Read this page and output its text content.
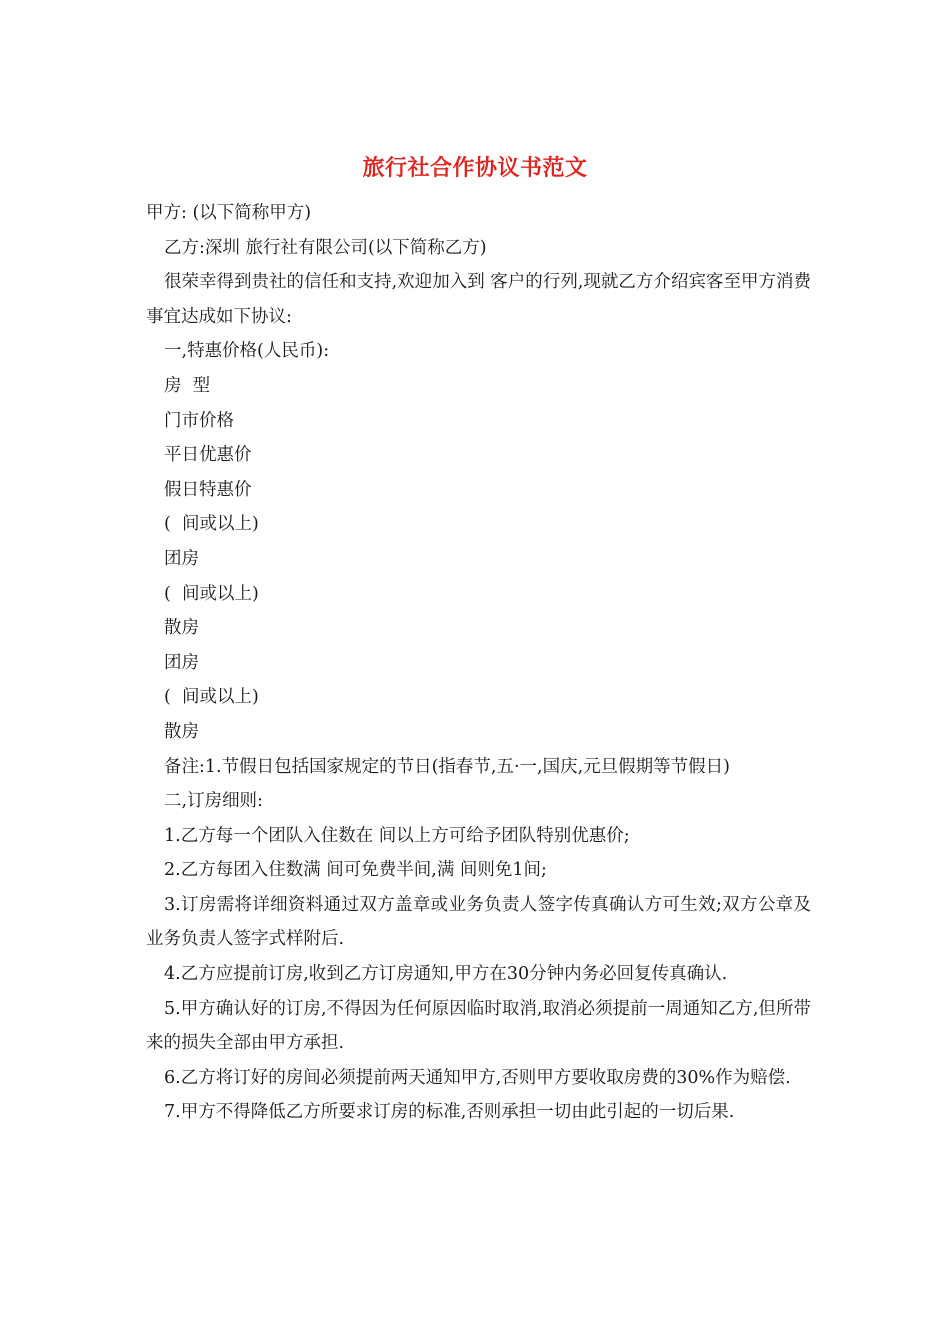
旅行社合作协议书范文

甲方: (以下简称甲方)

乙方:深圳 旅行社有限公司(以下简称乙方)

很荣幸得到贵社的信任和支持,欢迎加入到 客户的行列,现就乙方介绍宾客至甲方消费事宜达成如下协议:

一,特惠价格(人民币):

房  型

门市价格

平日优惠价

假日特惠价

(  间或以上)

团房

(  间或以上)

散房

团房

(  间或以上)

散房

备注:1.节假日包括国家规定的节日(指春节,五·一,国庆,元旦假期等节假日)

二,订房细则:

1.乙方每一个团队入住数在 间以上方可给予团队特别优惠价;

2.乙方每团入住数满 间可免费半间,满 间则免1间;

3.订房需将详细资料通过双方盖章或业务负责人签字传真确认方可生效;双方公章及业务负责人签字式样附后.

4.乙方应提前订房,收到乙方订房通知,甲方在30分钟内务必回复传真确认.

5.甲方确认好的订房,不得因为任何原因临时取消,取消必须提前一周通知乙方,但所带来的损失全部由甲方承担.

6.乙方将订好的房间必须提前两天通知甲方,否则甲方要收取房费的30%作为赔偿.

7.甲方不得降低乙方所要求订房的标准,否则承担一切由此引起的一切后果.
